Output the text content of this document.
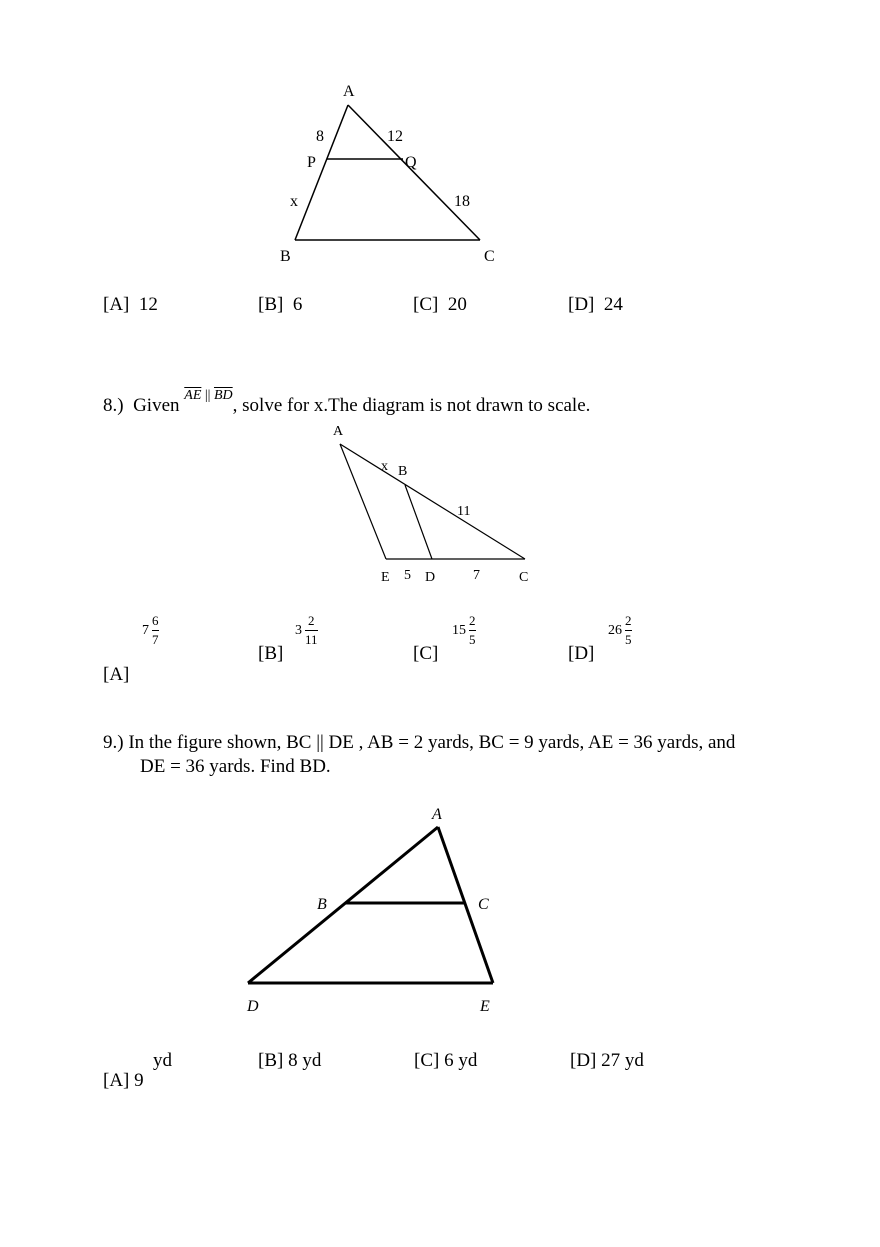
A
P	Q
B	C
8	12
x	18
[A] 12	[B] 6	[C] 20	[D] 24
8.) Given $^{\overline{AE} || \overline{BD}}$, solve for x.The diagram is not drawn to scale.
A
B
E	D	C
x
11
5	7
[A]
$7 \frac{6}{7}$
[B]
$3 \frac{2}{11}$
[C]
$15 \frac{2}{5}$
[D]
$26 \frac{2}{5}$
9.) In the figure shown, BC || DE , AB = 2 yards, BC = 9 yards, AE = 36 yards, and
DE = 36 yards. Find BD.
A
B	C
D	E
[A] 9
yd	[B] 8 yd	[C] 6 yd	[D] 27 yd
